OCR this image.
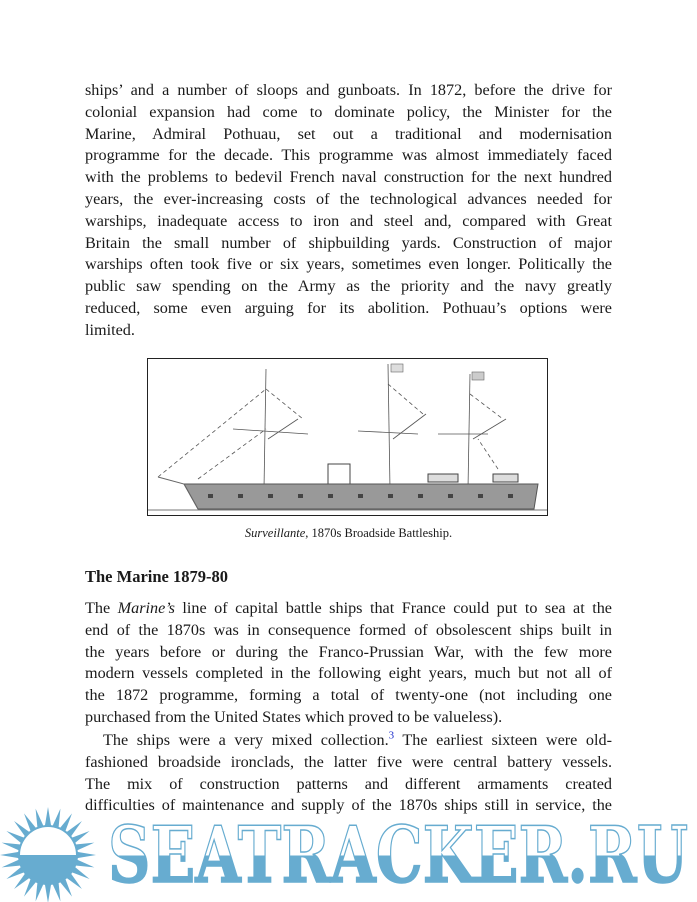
ships’ and a number of sloops and gunboats. In 1872, before the drive for
colonial expansion had come to dominate policy, the Minister for the
Marine, Admiral Pothuau, set out a traditional and modernisation
programme for the decade. This programme was almost immediately faced
with the problems to bedevil French naval construction for the next hundred
years, the ever-increasing costs of the technological advances needed for
warships, inadequate access to iron and steel and, compared with Great
Britain the small number of shipbuilding yards. Construction of major
warships often took five or six years, sometimes even longer. Politically the
public saw spending on the Army as the priority and the navy greatly
reduced, some even arguing for its abolition. Pothuau’s options were
limited.
Surveillante, 1870s Broadside Battleship.
The Marine 1879-80
The Marine’s line of capital battle ships that France could put to sea at the
end of the 1870s was in consequence formed of obsolescent ships built in
the years before or during the Franco-Prussian War, with the few more
modern vessels completed in the following eight years, much but not all of
the 1872 programme, forming a total of twenty-one (not including one
purchased from the United States which proved to be valueless).
The ships were a very mixed collection.$^3$ The earliest sixteen were old-
fashioned broadside ironclads, the latter five were central battery vessels.
The mix of construction patterns and different armaments created
difficulties of maintenance and supply of the 1870s ships still in service, the
SEATRACKER.RU
